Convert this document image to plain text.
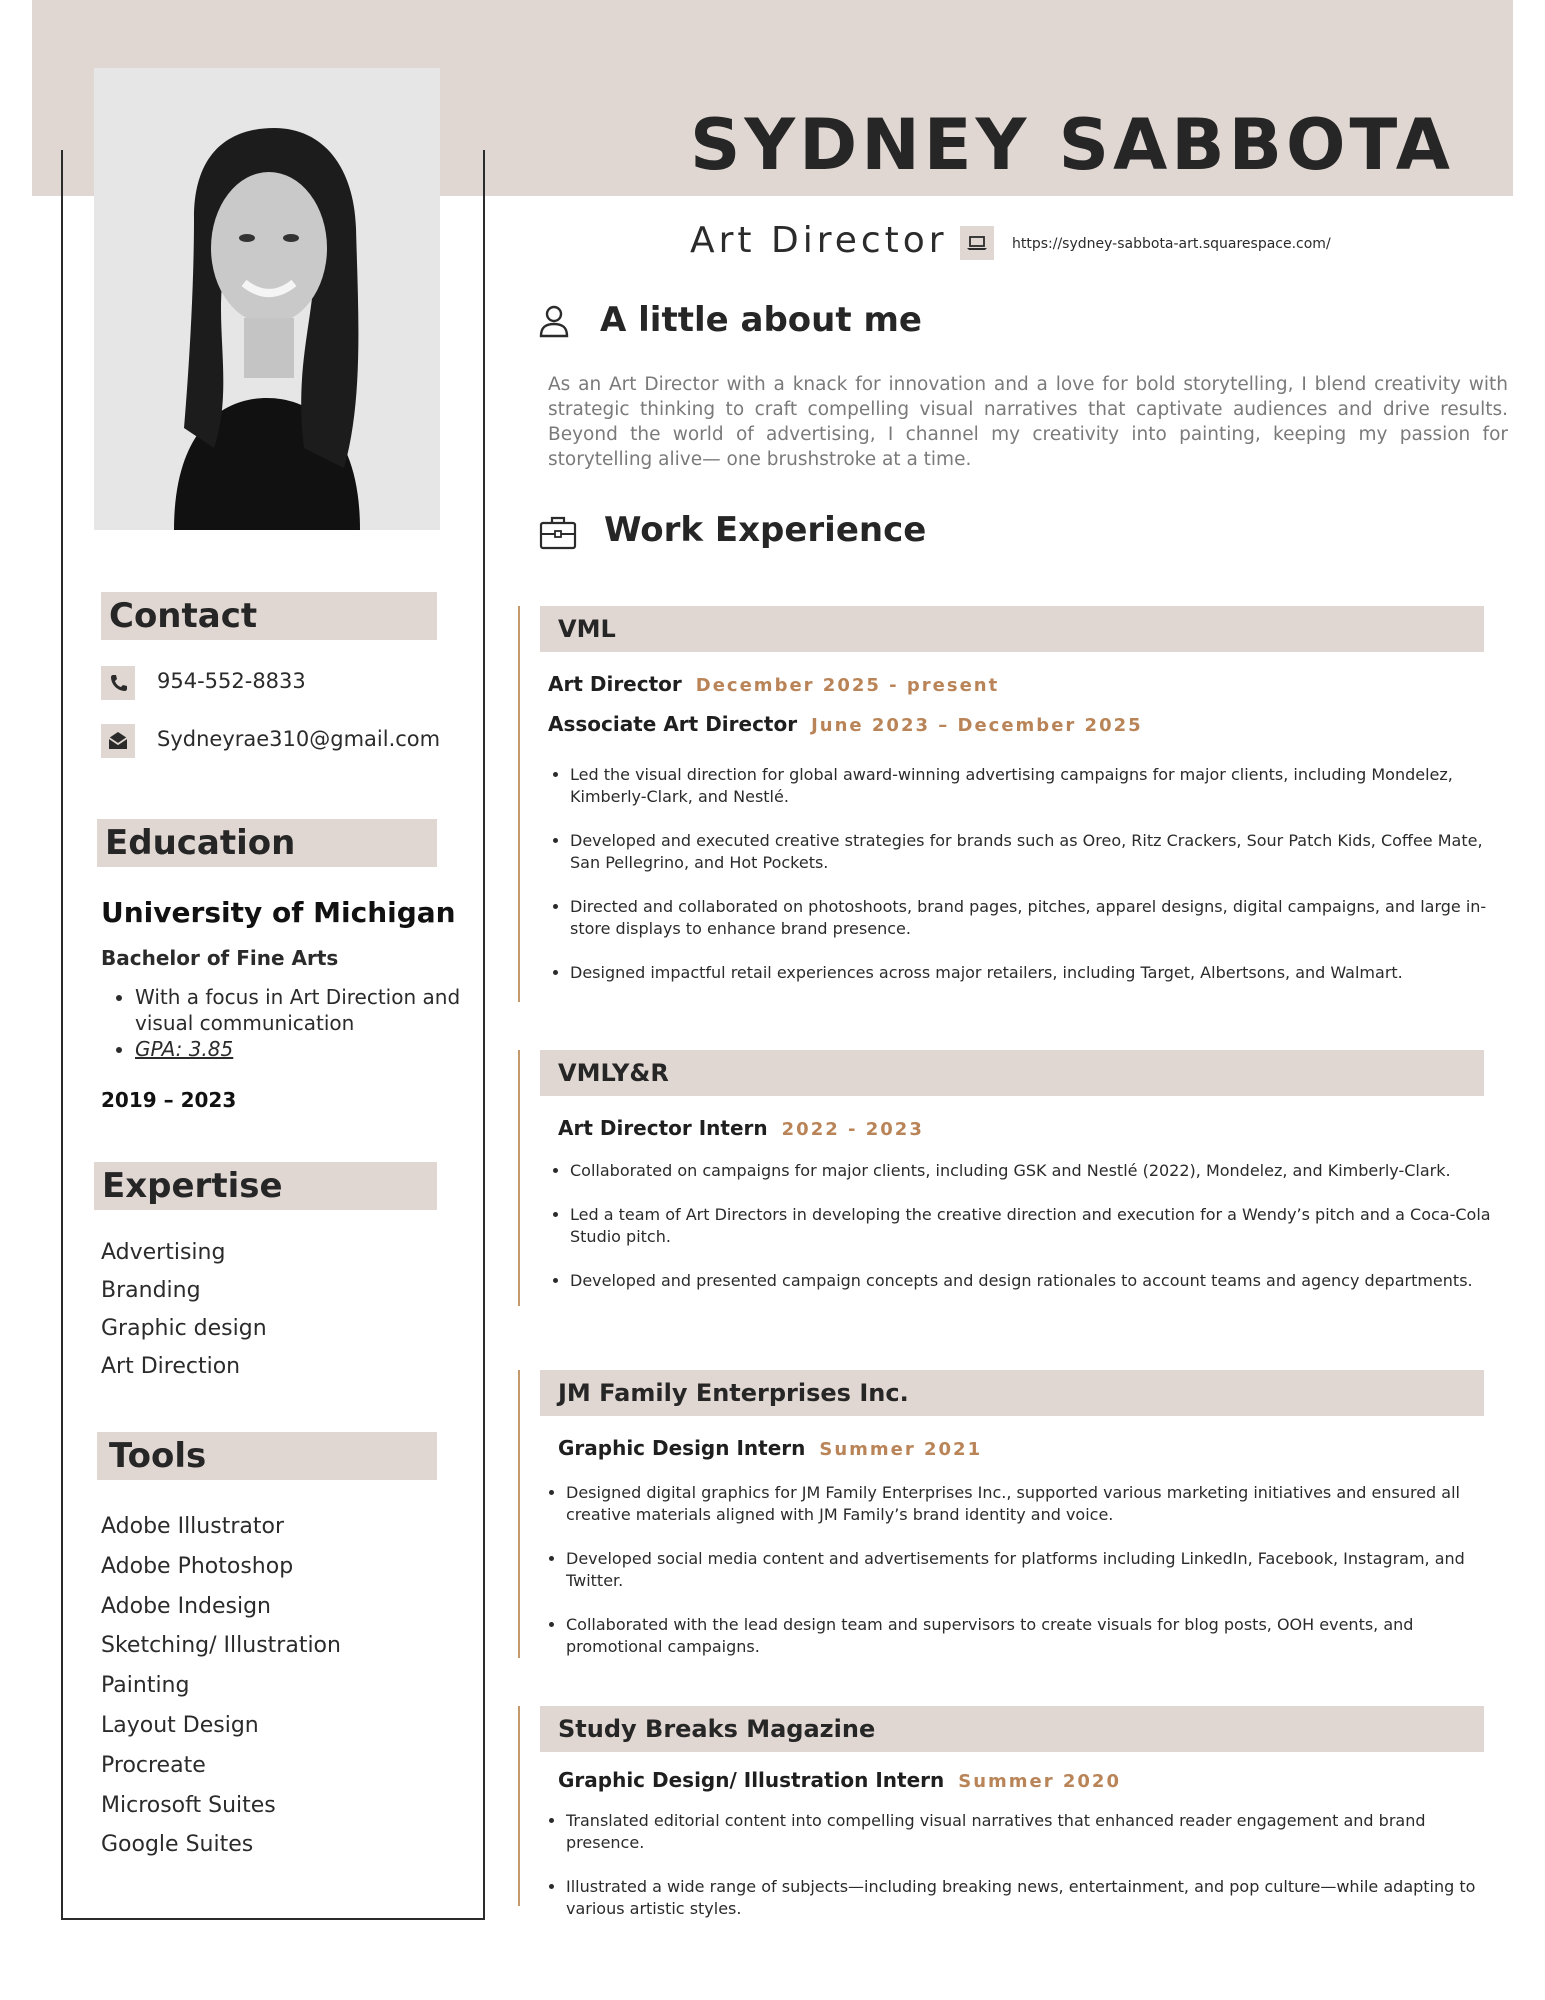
SYDNEY SABBOTA
Art Director	https://sydney-sabbota-art.squarespace.com/
A little about me
As an Art Director with a knack for innovation and a love for bold storytelling, I blend creativity with strategic thinking to craft compelling visual narratives that captivate audiences and drive results. Beyond the world of advertising, I channel my creativity into painting, keeping my passion for storytelling alive— one brushstroke at a time.
Work Experience
Contact
954-552-8833
Sydneyrae310@gmail.com
Education
University of Michigan
Bachelor of Fine Arts
• With a focus in Art Direction and visual communication
• GPA: 3.85
2019 – 2023
Expertise
Advertising
Branding
Graphic design
Art Direction
Tools
Adobe Illustrator
Adobe Photoshop
Adobe Indesign
Sketching/ Illustration
Painting
Layout Design
Procreate
Microsoft Suites
Google Suites
VML
Art Director December 2025 - present
Associate Art Director June 2023 – December 2025
• Led the visual direction for global award-winning advertising campaigns for major clients, including Mondelez, Kimberly-Clark, and Nestlé.
• Developed and executed creative strategies for brands such as Oreo, Ritz Crackers, Sour Patch Kids, Coffee Mate, San Pellegrino, and Hot Pockets.
• Directed and collaborated on photoshoots, brand pages, pitches, apparel designs, digital campaigns, and large in-store displays to enhance brand presence.
• Designed impactful retail experiences across major retailers, including Target, Albertsons, and Walmart.
VMLY&R
Art Director Intern 2022 - 2023
• Collaborated on campaigns for major clients, including GSK and Nestlé (2022), Mondelez, and Kimberly-Clark.
• Led a team of Art Directors in developing the creative direction and execution for a Wendy’s pitch and a Coca-Cola Studio pitch.
• Developed and presented campaign concepts and design rationales to account teams and agency departments.
JM Family Enterprises Inc.
Graphic Design Intern Summer 2021
• Designed digital graphics for JM Family Enterprises Inc., supported various marketing initiatives and ensured all creative materials aligned with JM Family’s brand identity and voice.
• Developed social media content and advertisements for platforms including LinkedIn, Facebook, Instagram, and Twitter.
• Collaborated with the lead design team and supervisors to create visuals for blog posts, OOH events, and promotional campaigns.
Study Breaks Magazine
Graphic Design/ Illustration Intern Summer 2020
• Translated editorial content into compelling visual narratives that enhanced reader engagement and brand presence.
• Illustrated a wide range of subjects—including breaking news, entertainment, and pop culture—while adapting to various artistic styles.
